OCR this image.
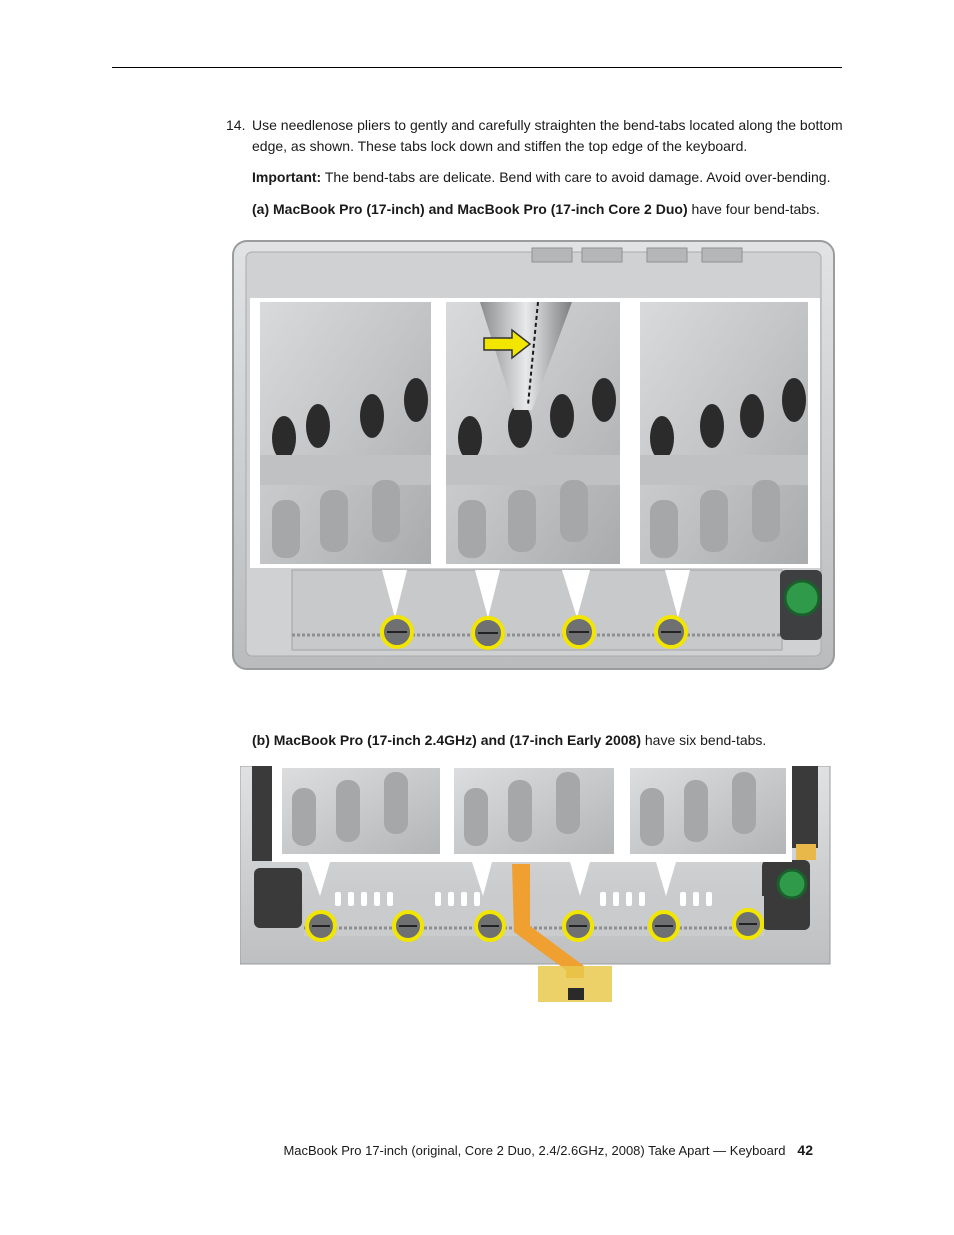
14. Use needlenose pliers to gently and carefully straighten the bend-tabs located along the bottom edge, as shown. These tabs lock down and stiffen the top edge of the keyboard.
Important: The bend-tabs are delicate. Bend with care to avoid damage. Avoid over-bending.
(a) MacBook Pro (17-inch) and MacBook Pro (17-inch Core 2 Duo) have four bend-tabs.
(b) MacBook Pro (17-inch 2.4GHz) and (17-inch Early 2008) have six bend-tabs.
MacBook Pro 17-inch (original, Core 2 Duo, 2.4/2.6GHz, 2008) Take Apart — Keyboard 42
